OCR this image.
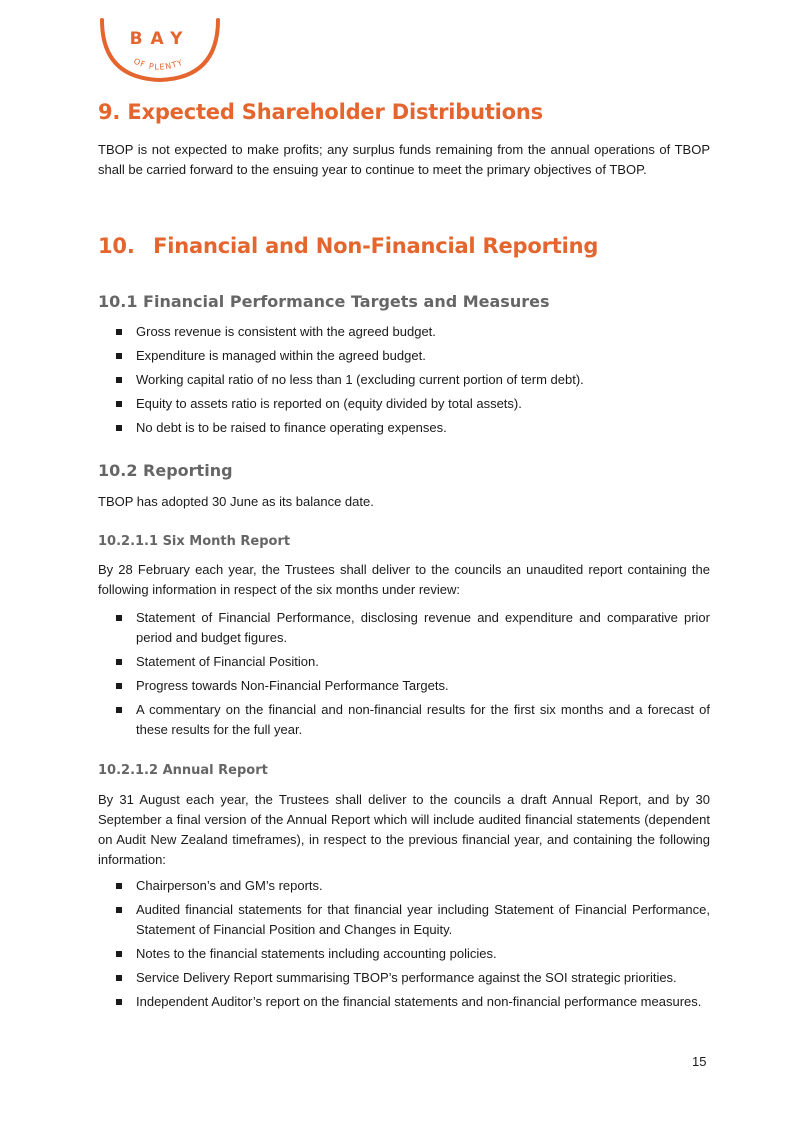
BAY
OF PLENTY
9. Expected Shareholder Distributions

TBOP is not expected to make profits; any surplus funds remaining from the annual operations of TBOP shall be carried forward to the ensuing year to continue to meet the primary objectives of TBOP.

10. Financial and Non-Financial Reporting
10.1 Financial Performance Targets and Measures
Gross revenue is consistent with the agreed budget.
Expenditure is managed within the agreed budget.
Working capital ratio of no less than 1 (excluding current portion of term debt).
Equity to assets ratio is reported on (equity divided by total assets).
No debt is to be raised to finance operating expenses.
10.2 Reporting

TBOP has adopted 30 June as its balance date.

10.2.1.1 Six Month Report

By 28 February each year, the Trustees shall deliver to the councils an unaudited report containing the following information in respect of the six months under review:

Statement of Financial Performance, disclosing revenue and expenditure and comparative prior period and budget figures.
Statement of Financial Position.
Progress towards Non-Financial Performance Targets.
A commentary on the financial and non-financial results for the first six months and a forecast of these results for the full year.
10.2.1.2 Annual Report

By 31 August each year, the Trustees shall deliver to the councils a draft Annual Report, and by 30 September a final version of the Annual Report which will include audited financial statements (dependent on Audit New Zealand timeframes), in respect to the previous financial year, and containing the following information:

Chairperson’s and GM’s reports.
Audited financial statements for that financial year including Statement of Financial Performance, Statement of Financial Position and Changes in Equity.
Notes to the financial statements including accounting policies.
Service Delivery Report summarising TBOP’s performance against the SOI strategic priorities.
Independent Auditor’s report on the financial statements and non-financial performance measures.
15
